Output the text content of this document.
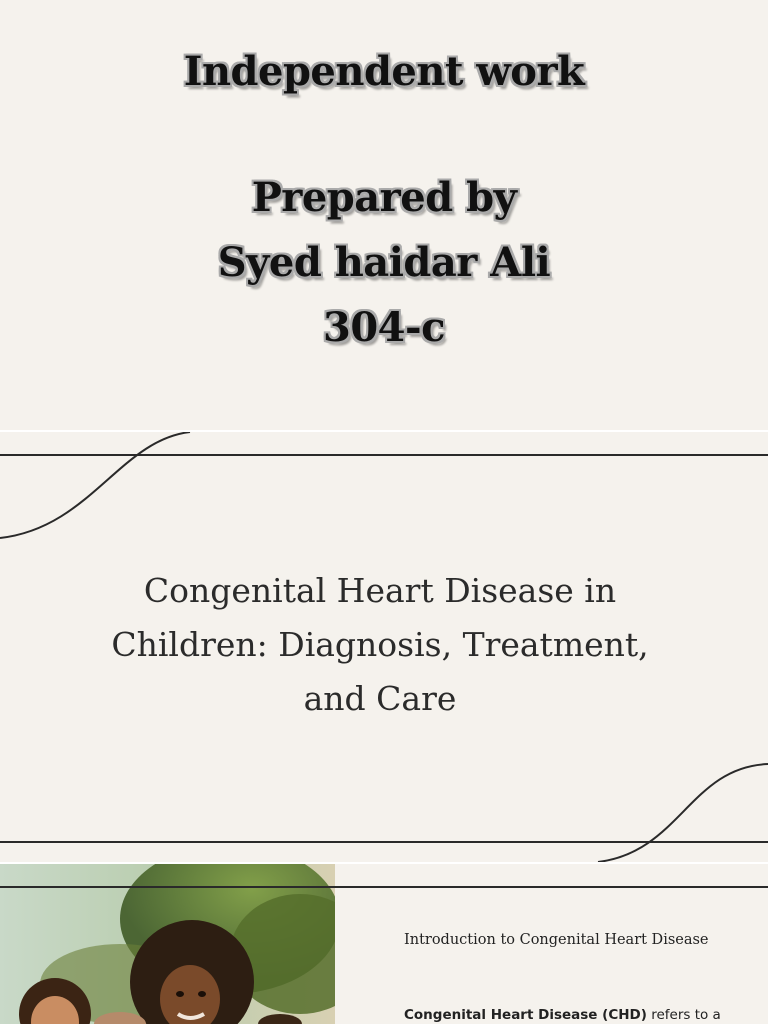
Independent work
Prepared by
Syed haidar Ali
304-c
Congenital Heart Disease in
Children: Diagnosis, Treatment,
and Care
Introduction to Congenital Heart Disease
Congenital Heart Disease (CHD) refers to a
